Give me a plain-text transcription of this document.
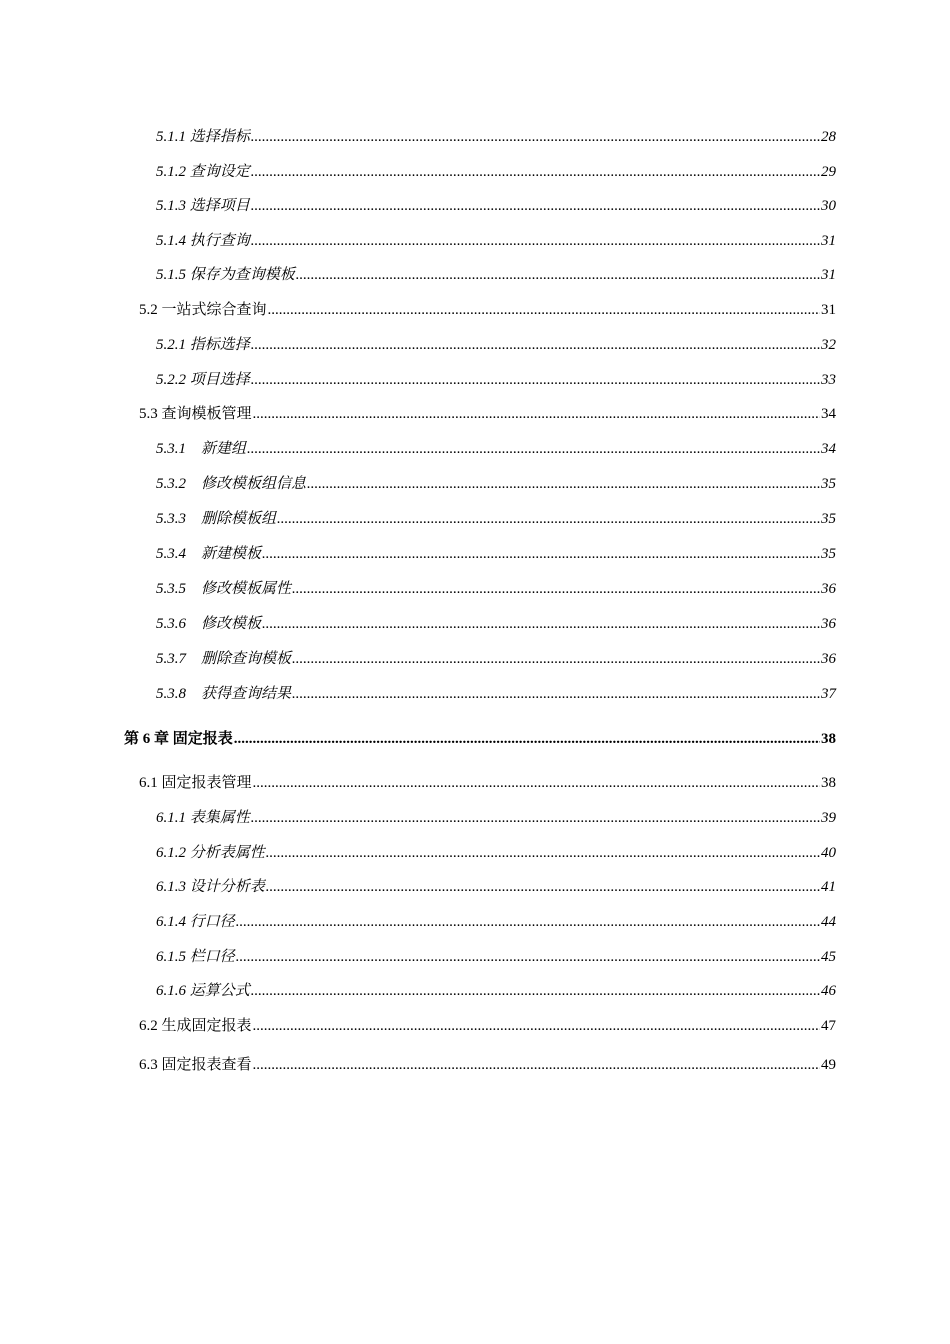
5.1.1 选择指标 .....	28
5.1.2 查询设定 .....	29
5.1.3 选择项目 .....	30
5.1.4 执行查询 .....	31
5.1.5 保存为查询模板 .....	31
5.2 一站式综合查询 .....	31
5.2.1 指标选择 .....	32
5.2.2 项目选择 .....	33
5.3 查询模板管理 .....	34
5.3.1　新建组 .....	34
5.3.2　修改模板组信息 .....	35
5.3.3　删除模板组 .....	35
5.3.4　新建模板 .....	35
5.3.5　修改模板属性 .....	36
5.3.6　修改模板 .....	36
5.3.7　删除查询模板 .....	36
5.3.8　获得查询结果 .....	37
第 6 章 固定报表 .....	38
6.1 固定报表管理 .....	38
6.1.1 表集属性 .....	39
6.1.2 分析表属性 .....	40
6.1.3 设计分析表 .....	41
6.1.4 行口径 .....	44
6.1.5 栏口径 .....	45
6.1.6 运算公式 .....	46
6.2 生成固定报表 .....	47
6.3 固定报表查看 .....	49
